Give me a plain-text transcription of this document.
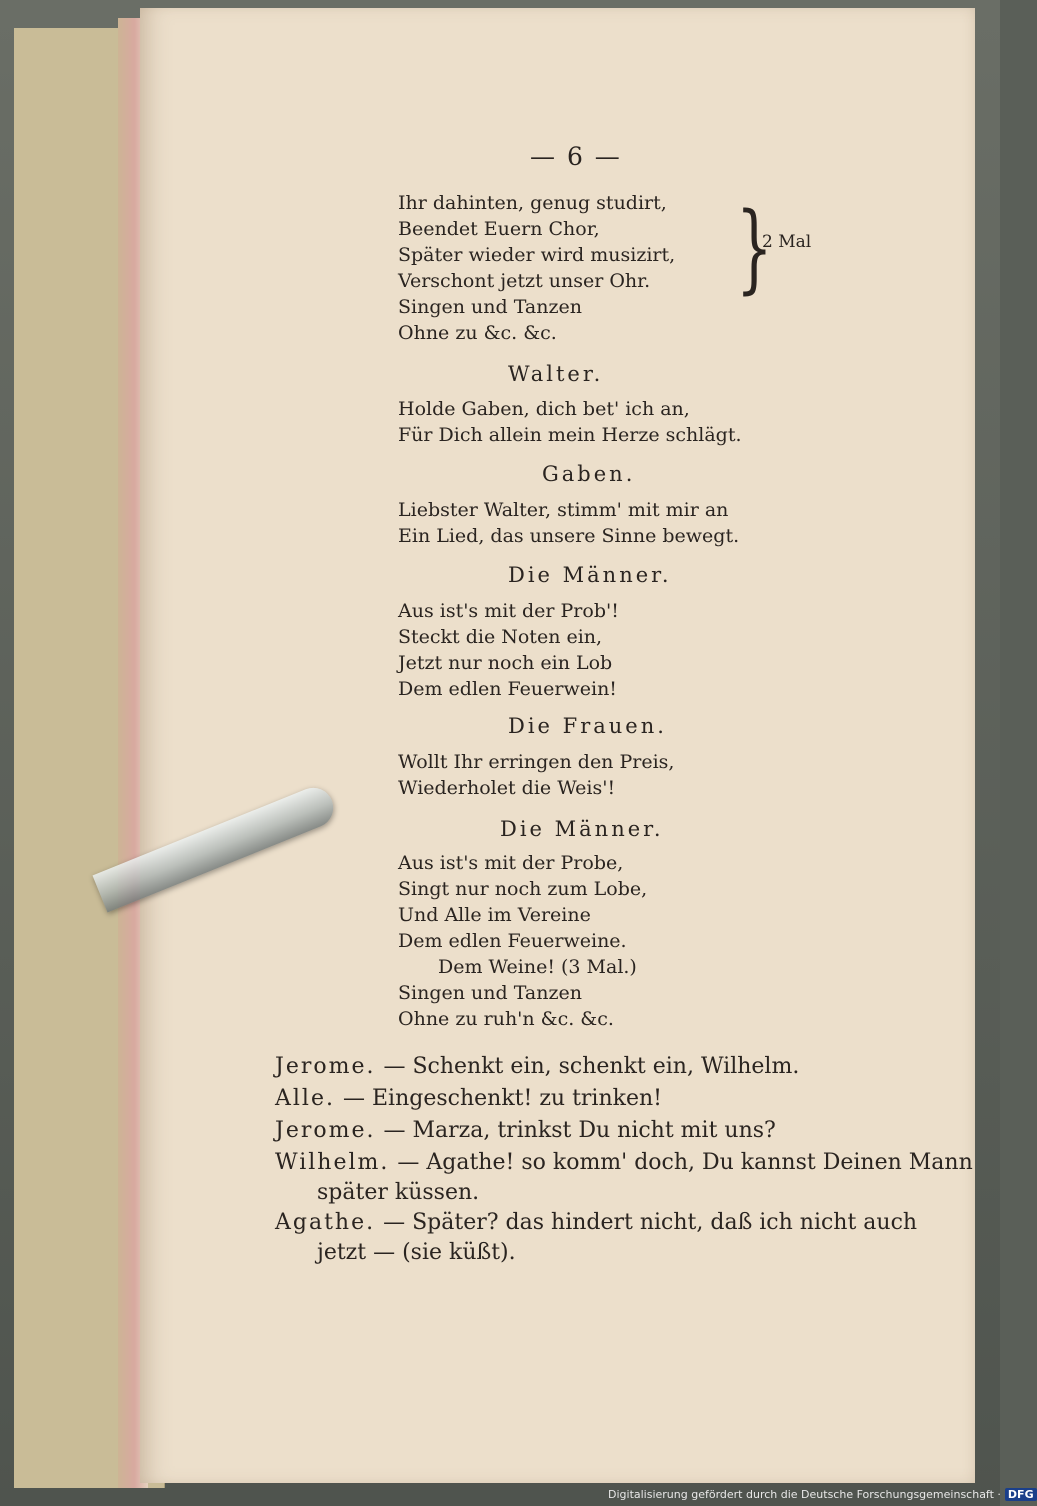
— 6 —
Ihr dahinten, genug studirt,
Beendet Euern Chor,
Später wieder wird musizirt,
Verschont jetzt unser Ohr.
Singen und Tanzen
Ohne zu &c. &c.
}
2 Mal
Walter.
Holde Gaben, dich bet' ich an,
Für Dich allein mein Herze schlägt.
Gaben.
Liebster Walter, stimm' mit mir an
Ein Lied, das unsere Sinne bewegt.
Die Männer.
Aus ist's mit der Prob'!
Steckt die Noten ein,
Jetzt nur noch ein Lob
Dem edlen Feuerwein!
Die Frauen.
Wollt Ihr erringen den Preis,
Wiederholet die Weis'!
Die Männer.
Aus ist's mit der Probe,
Singt nur noch zum Lobe,
Und Alle im Vereine
Dem edlen Feuerweine.
Dem Weine! (3 Mal.)
Singen und Tanzen
Ohne zu ruh'n &c. &c.
Jerome. — Schenkt ein, schenkt ein, Wilhelm.
Alle. — Eingeschenkt! zu trinken!
Jerome. — Marza, trinkst Du nicht mit uns?
Wilhelm. — Agathe! so komm' doch, Du kannst Deinen Mann
später küssen.
Agathe. — Später? das hindert nicht, daß ich nicht auch
jetzt — (sie küßt).
Digitalisierung gefördert durch die Deutsche Forschungsgemeinschaft · DFG
